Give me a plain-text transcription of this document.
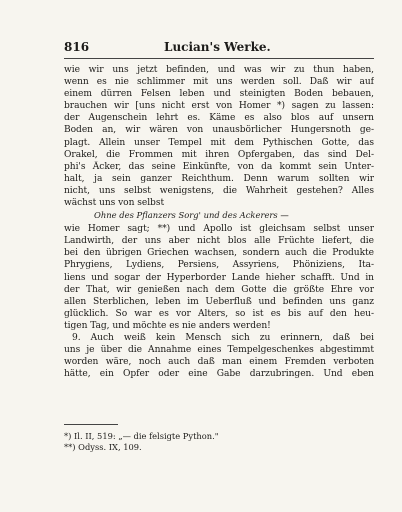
816	Lucian's Werke.
wie wir uns jetzt befinden, und was wir zu thun haben,
wenn es nie schlimmer mit uns werden soll. Daß wir auf
einem dürren Felsen leben und steinigten Boden bebauen,
brauchen wir [uns nicht erst von Homer *) sagen zu lassen:
der Augenschein lehrt es. Käme es also blos auf unsern
Boden an, wir wären von unausbörlicher Hungersnoth ge-
plagt. Allein unser Tempel mit dem Pythischen Gotte, das
Orakel, die Frommen mit ihren Opfergaben, das sind Del-
phi's Äcker, das seine Einkünfte, von da kommt sein Unter-
halt, ja sein ganzer Reichthum. Denn warum sollten wir
nicht, uns selbst wenigstens, die Wahrheit gestehen? Alles
wächst uns von selbst
Ohne des Pflanzers Sorg' und des Ackerers —
wie Homer sagt; **) und Apollo ist gleichsam selbst unser
Landwirth, der uns aber nicht blos alle Früchte liefert, die
bei den übrigen Griechen wachsen, sondern auch die Produkte
Phrygiens, Lydiens, Persiens, Assyriens, Phöniziens, Ita-
liens und sogar der Hyperborder Lande hieher schafft. Und in
der That, wir genießen nach dem Gotte die größte Ehre vor
allen Sterblichen, leben im Ueberfluß und befinden uns ganz
glücklich. So war es vor Alters, so ist es bis auf den heu-
tigen Tag, und möchte es nie anders werden!
9. Auch weiß kein Mensch sich zu erinnern, daß bei
uns je über die Annahme eines Tempelgeschenkes abgestimmt
worden wäre, noch auch daß man einem Fremden verboten
hätte, ein Opfer oder eine Gabe darzubringen. Und eben
*) Il. II, 519: „— die felsigte Python."
**) Odyss. IX, 109.
